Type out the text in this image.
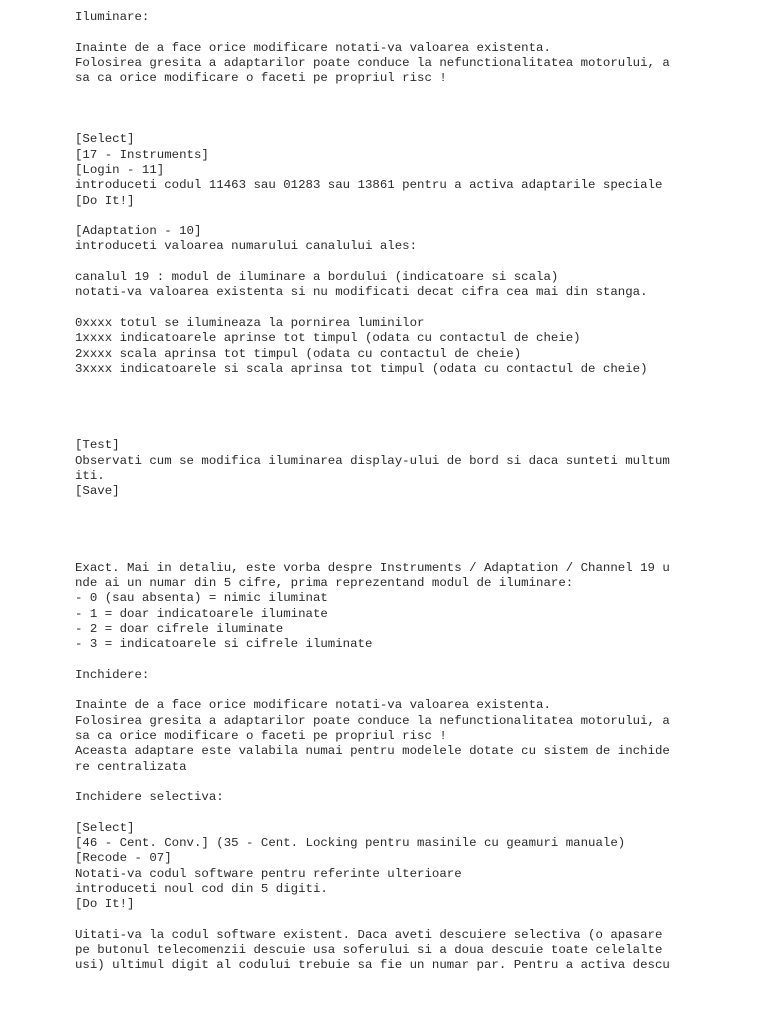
Iluminare:
Inainte de a face orice modificare notati-va valoarea existenta.
Folosirea gresita a adaptarilor poate conduce la nefunctionalitatea motorului, a
sa ca orice modificare o faceti pe propriul risc !
[Select]
[17 - Instruments]
[Login - 11]
introduceti codul 11463 sau 01283 sau 13861 pentru a activa adaptarile speciale
[Do It!]
[Adaptation - 10]
introduceti valoarea numarului canalului ales:
canalul 19 : modul de iluminare a bordului (indicatoare si scala)
notati-va valoarea existenta si nu modificati decat cifra cea mai din stanga.
0xxxx totul se ilumineaza la pornirea luminilor
1xxxx indicatoarele aprinse tot timpul (odata cu contactul de cheie)
2xxxx scala aprinsa tot timpul (odata cu contactul de cheie)
3xxxx indicatoarele si scala aprinsa tot timpul (odata cu contactul de cheie)
[Test]
Observati cum se modifica iluminarea display-ului de bord si daca sunteti multum
iti.
[Save]
Exact. Mai in detaliu, este vorba despre Instruments / Adaptation / Channel 19 u
nde ai un numar din 5 cifre, prima reprezentand modul de iluminare:
- 0 (sau absenta) = nimic iluminat
- 1 = doar indicatoarele iluminate
- 2 = doar cifrele iluminate
- 3 = indicatoarele si cifrele iluminate
Inchidere:
Inainte de a face orice modificare notati-va valoarea existenta.
Folosirea gresita a adaptarilor poate conduce la nefunctionalitatea motorului, a
sa ca orice modificare o faceti pe propriul risc !
Aceasta adaptare este valabila numai pentru modelele dotate cu sistem de inchide
re centralizata
Inchidere selectiva:
[Select]
[46 - Cent. Conv.] (35 - Cent. Locking pentru masinile cu geamuri manuale)
[Recode - 07]
Notati-va codul software pentru referinte ulterioare
introduceti noul cod din 5 digiti.
[Do It!]
Uitati-va la codul software existent. Daca aveti descuiere selectiva (o apasare
pe butonul telecomenzii descuie usa soferului si a doua descuie toate celelalte
usi) ultimul digit al codului trebuie sa fie un numar par. Pentru a activa descu
